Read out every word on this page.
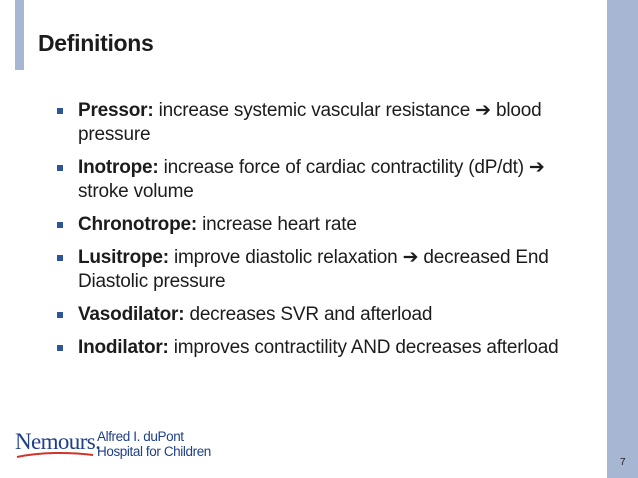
Definitions
Pressor: increase systemic vascular resistance ➔ blood pressure
Inotrope: increase force of cardiac contractility (dP/dt) ➔ stroke volume
Chronotrope: increase heart rate
Lusitrope: improve diastolic relaxation ➔ decreased End Diastolic pressure
Vasodilator: decreases SVR and afterload
Inodilator: improves contractility AND decreases afterload
Nemours.
Alfred I. duPont
Hospital for Children
7
